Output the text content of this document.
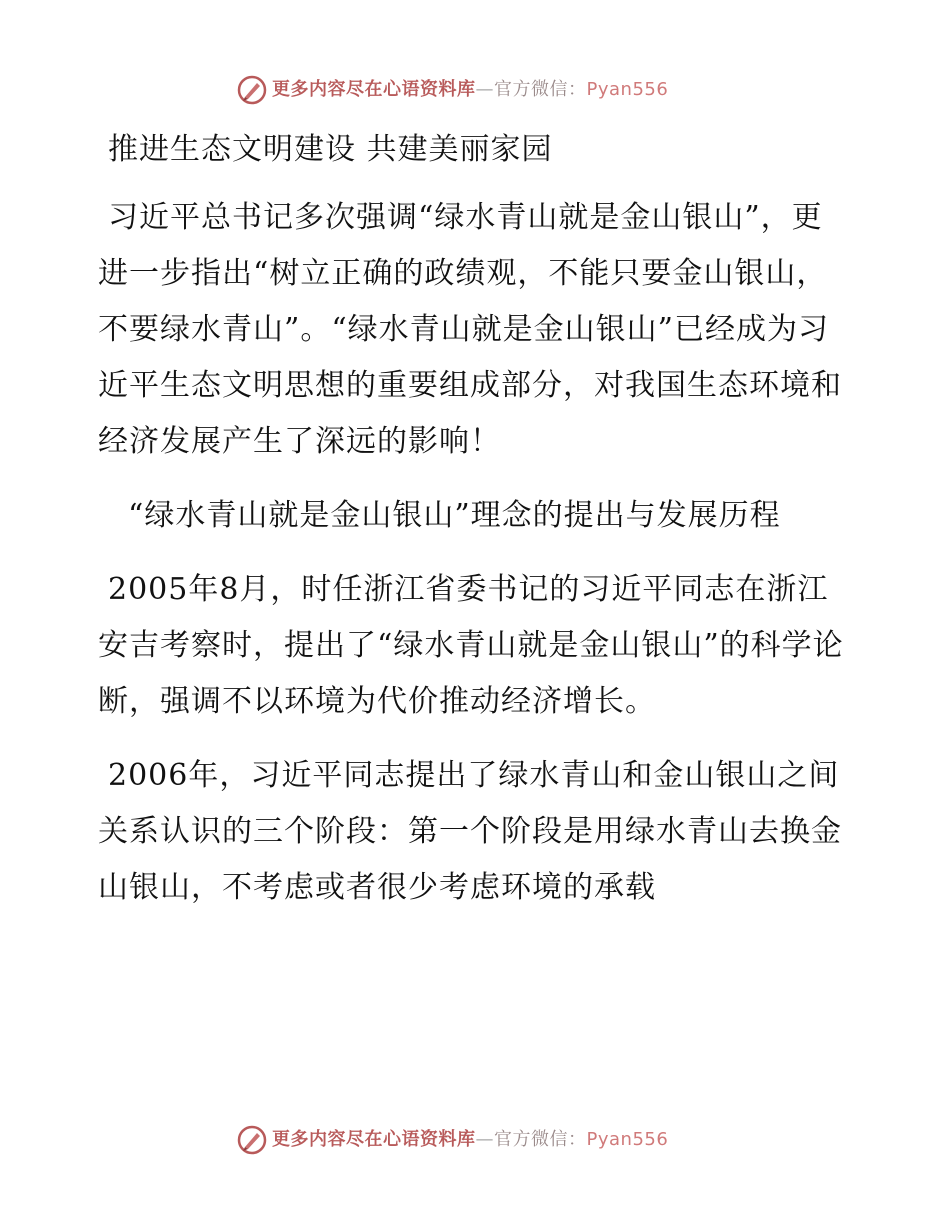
更多内容尽在心语资料库 — 官方微信： Pyan556

推进生态文明建设 共建美丽家园

习近平总书记多次强调“绿水青山就是金山银山”，更进一步指出“树立正确的政绩观，不能只要金山银山，不要绿水青山”。“绿水青山就是金山银山”已经成为习近平生态文明思想的重要组成部分，对我国生态环境和经济发展产生了深远的影响！

“绿水青山就是金山银山”理念的提出与发展历程

2005年8月，时任浙江省委书记的习近平同志在浙江安吉考察时，提出了“绿水青山就是金山银山”的科学论断，强调不以环境为代价推动经济增长。

2006年，习近平同志提出了绿水青山和金山银山之间关系认识的三个阶段：第一个阶段是用绿水青山去换金山银山，不考虑或者很少考虑环境的承载

更多内容尽在心语资料库 — 官方微信： Pyan556
